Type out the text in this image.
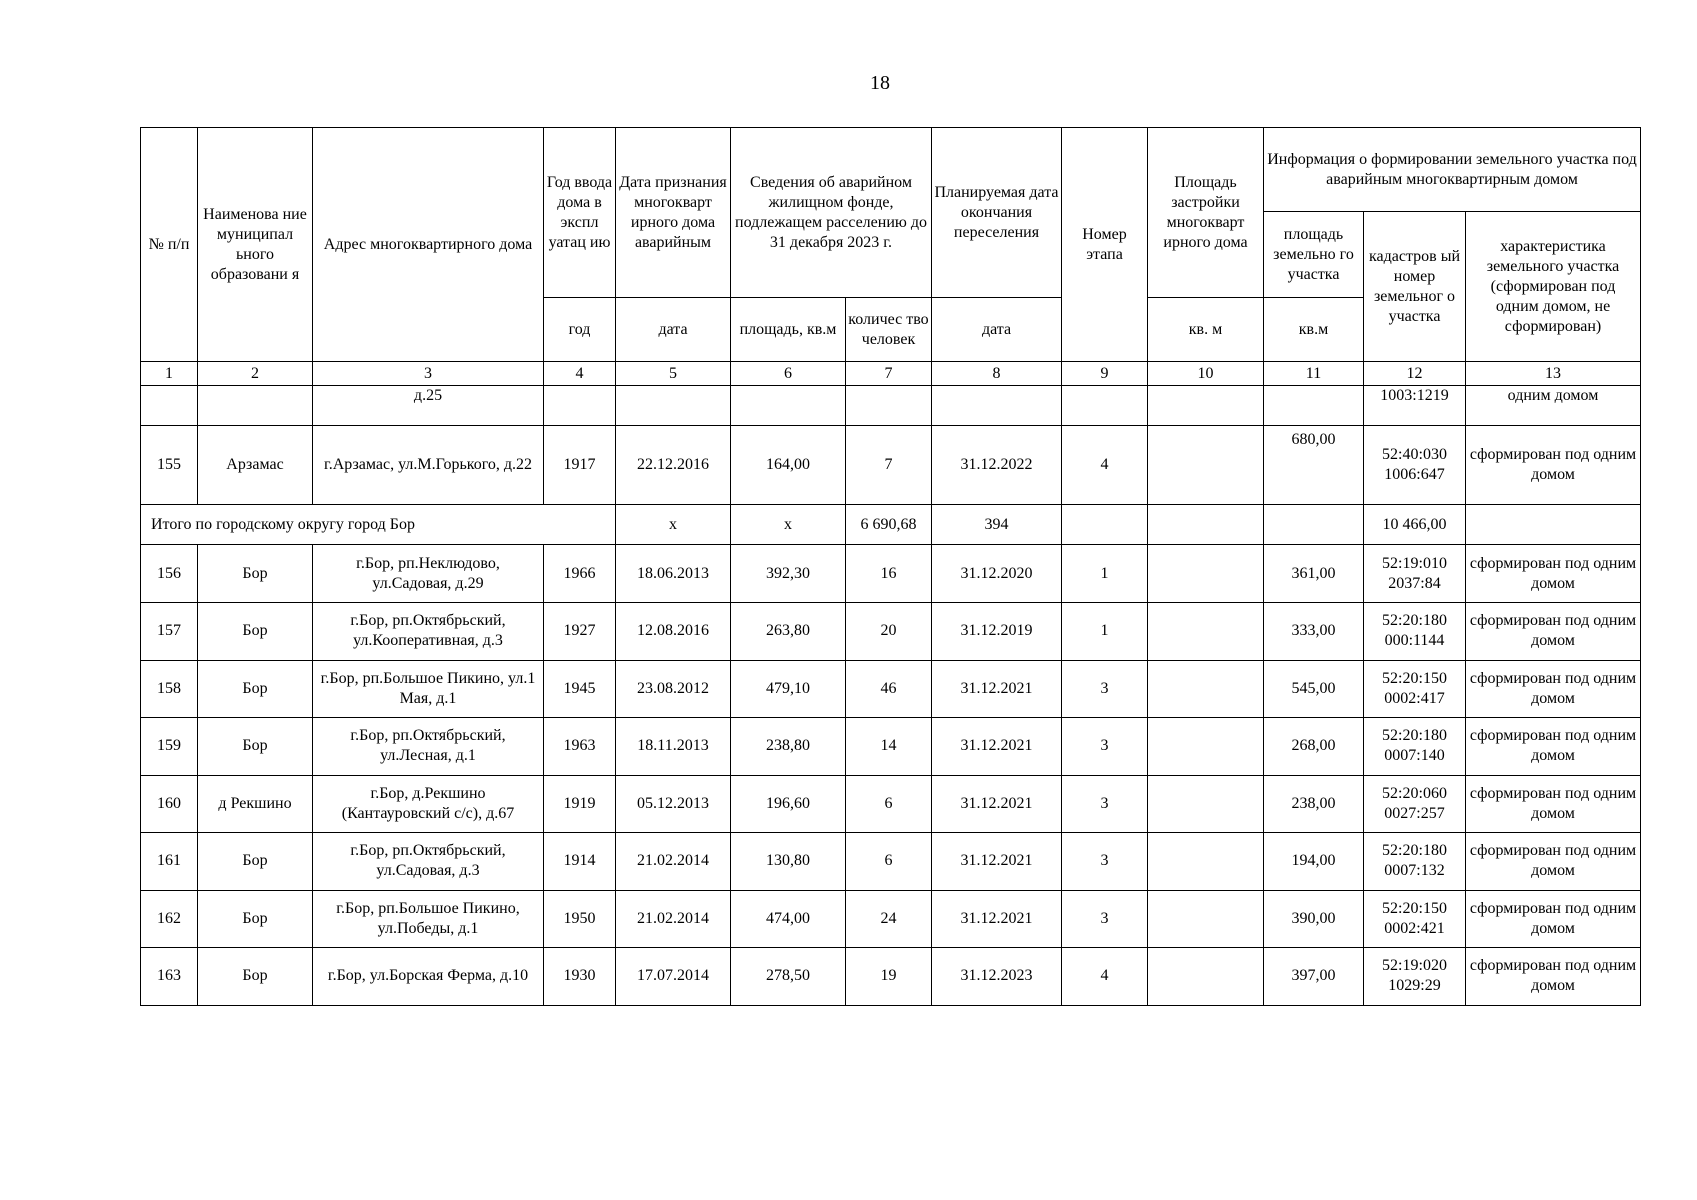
18
№ п/п	Наименова ние муниципал ьного образовани я	Адрес многоквартирного дома	Год ввода дома в экспл уатац ию	Дата признания многокварт ирного дома аварийным	Сведения об аварийном жилищном фонде, подлежащем расселению до 31 декабря 2023 г.		Планируемая дата окончания переселения	Номер этапа	Площадь застройки многокварт ирного дома	Информация о формировании земельного участка под аварийным многоквартирным домом			
										площадь земельно го участка	кадастров ый номер земельног о участка	характеристика земельного участка (сформирован под одним домом, не сформирован)	
			год	дата	площадь, кв.м	количес тво человек	дата		кв. м	кв.м			
1	2	3	4	5	6	7	8	9	10	11	12	13	
		д.25									1003:1219	одним домом	
155	Арзамас	г.Арзамас, ул.М.Горького, д.22	1917	22.12.2016	164,00	7	31.12.2022	4		680,00	52:40:030 1006:647	сформирован под одним домом	
Итого по городскому округу город Бор				х	х	6 690,68	394				10 466,00		
156	Бор	г.Бор, рп.Неклюдово, ул.Садовая, д.29	1966	18.06.2013	392,30	16	31.12.2020	1		361,00	52:19:010 2037:84	сформирован под одним домом	
157	Бор	г.Бор, рп.Октябрьский, ул.Кооперативная, д.3	1927	12.08.2016	263,80	20	31.12.2019	1		333,00	52:20:180 000:1144	сформирован под одним домом	
158	Бор	г.Бор, рп.Большое Пикино, ул.1 Мая, д.1	1945	23.08.2012	479,10	46	31.12.2021	3		545,00	52:20:150 0002:417	сформирован под одним домом	
159	Бор	г.Бор, рп.Октябрьский, ул.Лесная, д.1	1963	18.11.2013	238,80	14	31.12.2021	3		268,00	52:20:180 0007:140	сформирован под одним домом	
160	д Рекшино	г.Бор, д.Рекшино (Кантауровский с/с), д.67	1919	05.12.2013	196,60	6	31.12.2021	3		238,00	52:20:060 0027:257	сформирован под одним домом	
161	Бор	г.Бор, рп.Октябрьский, ул.Садовая, д.3	1914	21.02.2014	130,80	6	31.12.2021	3		194,00	52:20:180 0007:132	сформирован под одним домом	
162	Бор	г.Бор, рп.Большое Пикино, ул.Победы, д.1	1950	21.02.2014	474,00	24	31.12.2021	3		390,00	52:20:150 0002:421	сформирован под одним домом	
163	Бор	г.Бор, ул.Борская Ферма, д.10	1930	17.07.2014	278,50	19	31.12.2023	4		397,00	52:19:020 1029:29	сформирован под одним домом	
